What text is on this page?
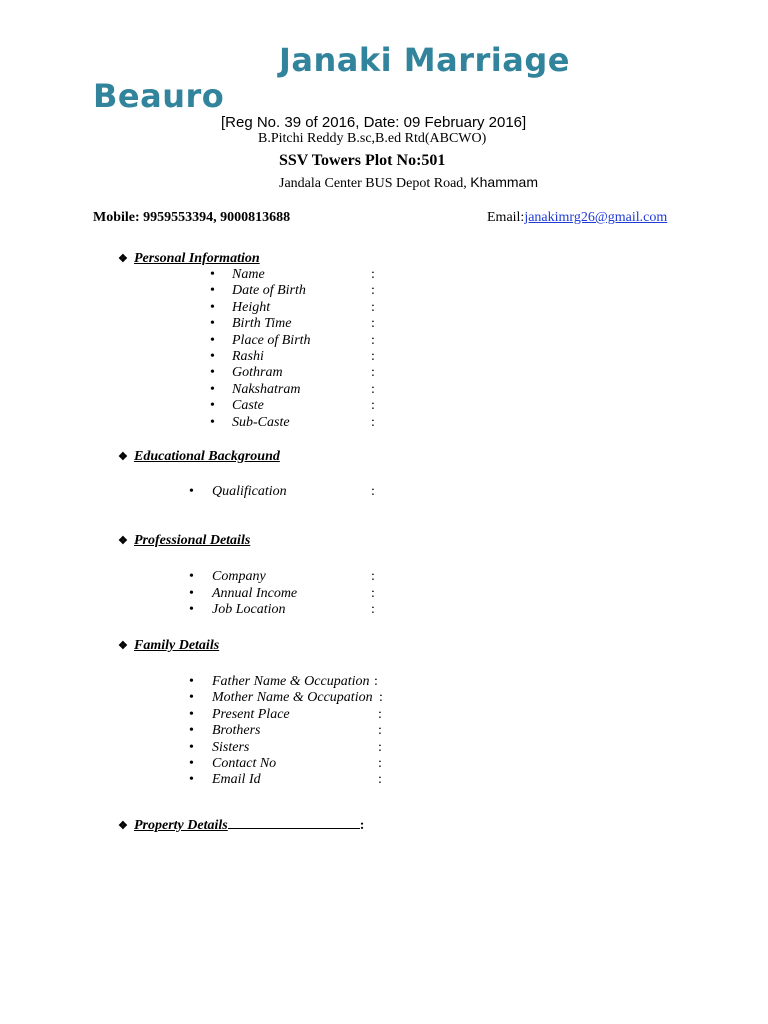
Janaki Marriage
Beauro
[Reg No. 39 of 2016, Date: 09 February 2016]
B.Pitchi Reddy B.sc,B.ed Rtd(ABCWO)
SSV Towers Plot No:501
Jandala Center BUS Depot Road, Khammam
Mobile: 9959553394, 9000813688	Email:janakimrg26@gmail.com
❖ Personal Information
• Name	:
• Date of Birth	:
• Height	:
• Birth Time	:
• Place of Birth	:
• Rashi	:
• Gothram	:
• Nakshatram	:
• Caste	:
• Sub-Caste	:
❖ Educational Background
• Qualification	:
❖ Professional Details
• Company	:
• Annual Income	:
• Job Location	:
❖ Family Details
• Father Name & Occupation :
• Mother Name & Occupation :
• Present Place	:
• Brothers	:
• Sisters	:
• Contact No	:
• Email Id	:
❖ Property Details	:
